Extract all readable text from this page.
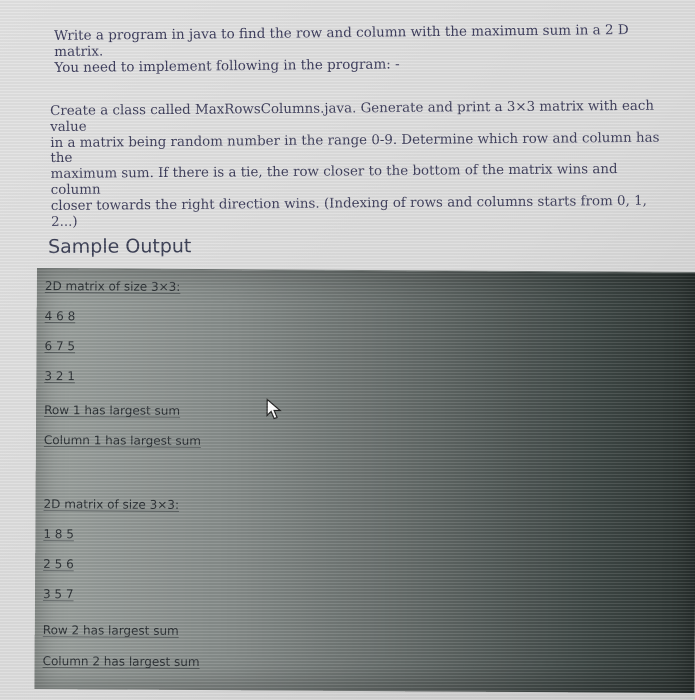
Write a program in java to find the row and column with the maximum sum in a 2 D matrix.

You need to implement following in the program: -

Create a class called MaxRowsColumns.java. Generate and print a 3×3 matrix with each value

in a matrix being random number in the range 0-9. Determine which row and column has the

maximum sum. If there is a tie, the row closer to the bottom of the matrix wins and column

closer towards the right direction wins. (Indexing of rows and columns starts from 0, 1, 2...)

Sample Output
2D matrix of size 3×3:
4 6 8
6 7 5
3 2 1
Row 1 has largest sum
Column 1 has largest sum
2D matrix of size 3×3:
1 8 5
2 5 6
3 5 7
Row 2 has largest sum
Column 2 has largest sum
